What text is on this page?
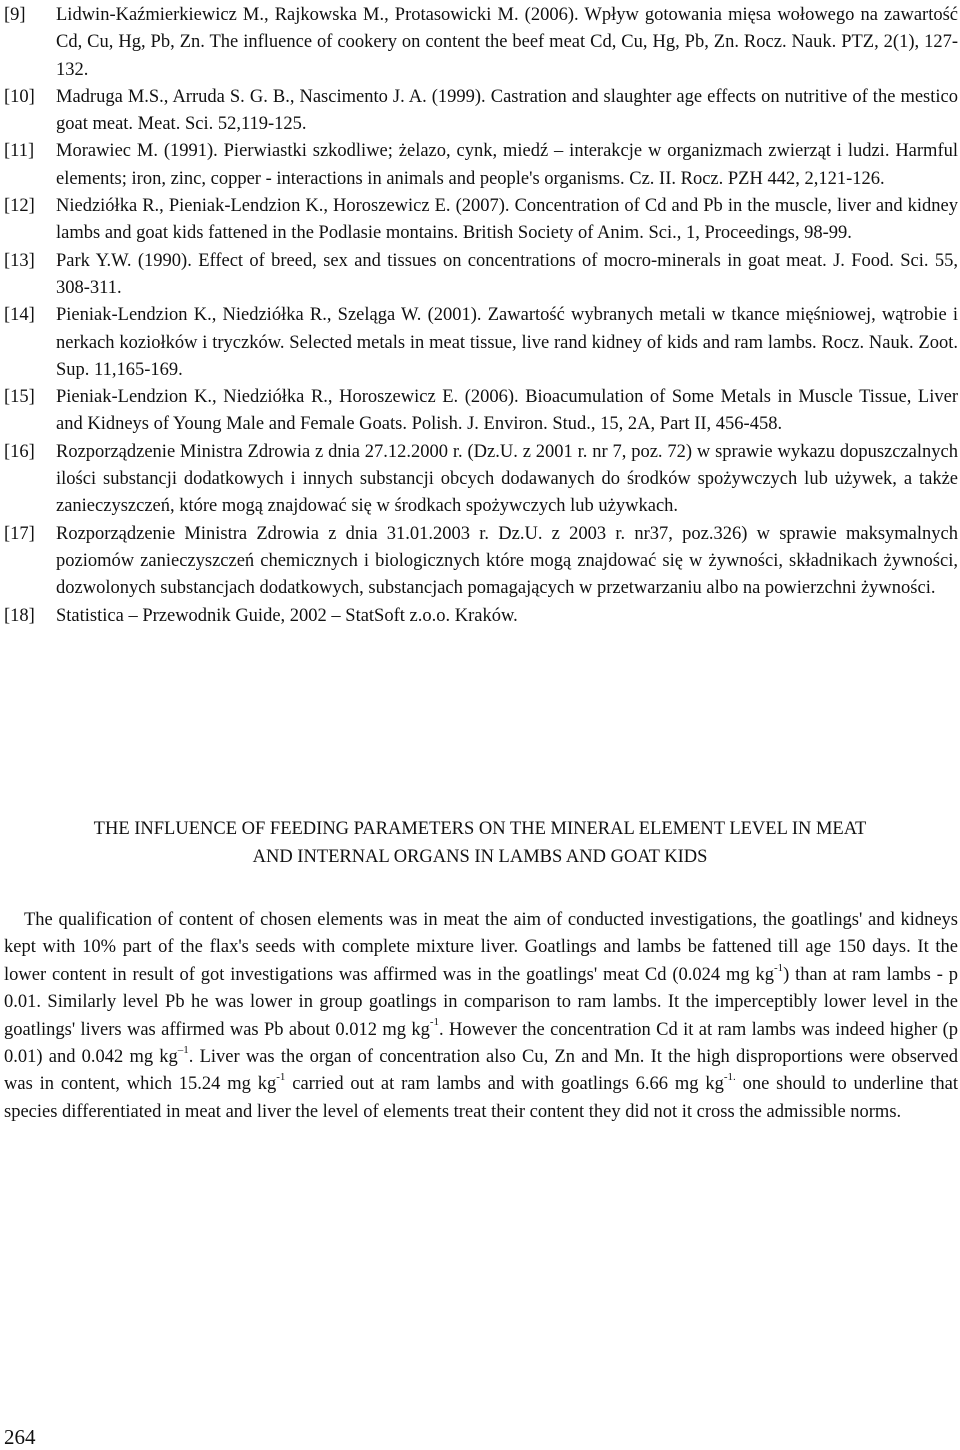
[9]	Lidwin-Kaźmierkiewicz M., Rajkowska M., Protasowicki M. (2006). Wpływ gotowania mięsa wołowego na zawartość Cd, Cu, Hg, Pb, Zn. The influence of cookery on content the beef meat Cd, Cu, Hg, Pb, Zn. Rocz. Nauk. PTZ, 2(1), 127-132.
[10]	Madruga M.S., Arruda S. G. B., Nascimento J. A. (1999). Castration and slaughter age effects on nutritive of the mestico goat meat. Meat. Sci. 52,119-125.
[11]	Morawiec M. (1991). Pierwiastki szkodliwe; żelazo, cynk, miedź – interakcje w organizmach zwierząt i ludzi. Harmful elements; iron, zinc, copper - interactions in animals and people's organisms. Cz. II. Rocz. PZH 442, 2,121-126.
[12]	Niedziółka R., Pieniak-Lendzion K., Horoszewicz E. (2007). Concentration of Cd and Pb in the muscle, liver and kidney lambs and goat kids fattened in the Podlasie montains. British Society of Anim. Sci., 1, Proceedings, 98-99.
[13]	Park Y.W. (1990). Effect of breed, sex and tissues on concentrations of mocro-minerals in goat meat. J. Food. Sci. 55, 308-311.
[14]	Pieniak-Lendzion K., Niedziółka R., Szeląga W. (2001). Zawartość wybranych metali w tkance mięśniowej, wątrobie i nerkach koziołków i tryczków. Selected metals in meat tissue, live rand kidney of kids and ram lambs. Rocz. Nauk. Zoot. Sup. 11,165-169.
[15]	Pieniak-Lendzion K., Niedziółka R., Horoszewicz E. (2006). Bioacumulation of Some Metals in Muscle Tissue, Liver and Kidneys of Young Male and Female Goats. Polish. J. Environ. Stud., 15, 2A, Part II, 456-458.
[16]	Rozporządzenie Ministra Zdrowia z dnia 27.12.2000 r. (Dz.U. z 2001 r. nr 7, poz. 72) w sprawie wykazu dopuszczalnych ilości substancji dodatkowych i innych substancji obcych dodawanych do środków spożywczych lub używek, a także zanieczyszczeń, które mogą znajdować się w środkach spożywczych lub używkach.
[17]	Rozporządzenie Ministra Zdrowia z dnia 31.01.2003 r. Dz.U. z 2003 r. nr37, poz.326) w sprawie maksymalnych poziomów zanieczyszczeń chemicznych i biologicznych które mogą znajdować się w żywności, składnikach żywności, dozwolonych substancjach dodatkowych, substancjach pomagających w przetwarzaniu albo na powierzchni żywności.
[18]	Statistica – Przewodnik Guide, 2002 – StatSoft z.o.o. Kraków.
THE INFLUENCE OF FEEDING PARAMETERS ON THE MINERAL ELEMENT LEVEL IN MEAT
AND INTERNAL ORGANS IN LAMBS AND GOAT KIDS
The qualification of content of chosen elements was in meat the aim of conducted investigations, the goatlings' and kidneys kept with 10% part of the flax's seeds with complete mixture liver. Goatlings and lambs be fattened till age 150 days. It the lower content in result of got investigations was affirmed was in the goatlings' meat Cd (0.024 mg $kg^{-1}$) than at ram lambs - p 0.01. Similarly level Pb he was lower in group goatlings in comparison to ram lambs. It the imperceptibly lower level in the goatlings' livers was affirmed was Pb about 0.012 mg $kg^{-1}$. However the concentration Cd it at ram lambs was indeed higher (p 0.01) and 0.042 mg $kg^{-1}$. Liver was the organ of concentration also Cu, Zn and Mn. It the high disproportions were observed was in content, which 15.24 mg $kg^{-1}$ carried out at ram lambs and with goatlings 6.66 mg $kg^{-1.}$ one should to underline that species differentiated in meat and liver the level of elements treat their content they did not it cross the admissible norms.
264
